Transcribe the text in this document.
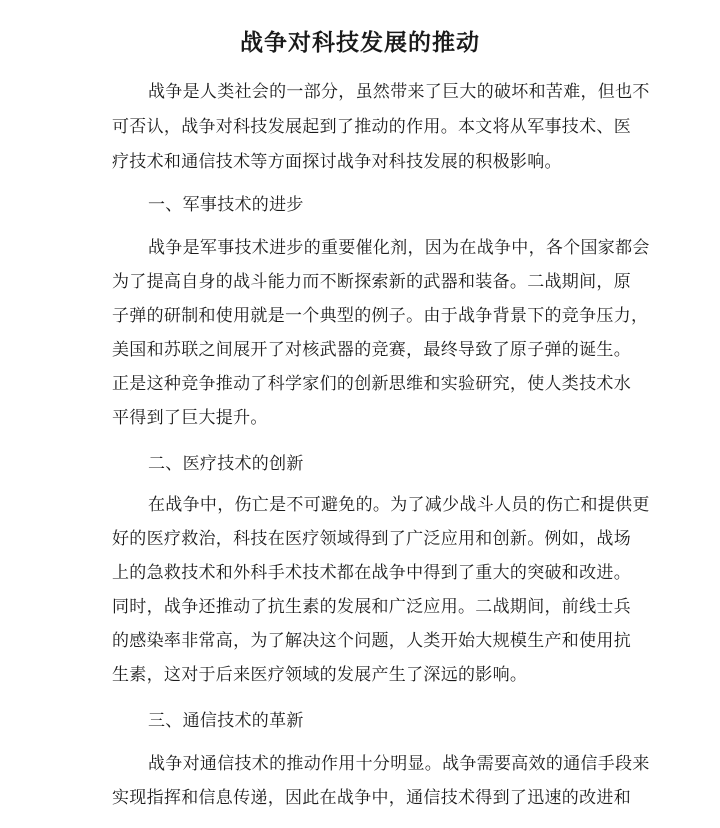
战争对科技发展的推动
战争是人类社会的一部分，虽然带来了巨大的破坏和苦难，但也不
可否认，战争对科技发展起到了推动的作用。本文将从军事技术、医
疗技术和通信技术等方面探讨战争对科技发展的积极影响。
一、军事技术的进步
战争是军事技术进步的重要催化剂，因为在战争中，各个国家都会
为了提高自身的战斗能力而不断探索新的武器和装备。二战期间，原
子弹的研制和使用就是一个典型的例子。由于战争背景下的竞争压力，
美国和苏联之间展开了对核武器的竞赛，最终导致了原子弹的诞生。
正是这种竞争推动了科学家们的创新思维和实验研究，使人类技术水
平得到了巨大提升。
二、医疗技术的创新
在战争中，伤亡是不可避免的。为了减少战斗人员的伤亡和提供更
好的医疗救治，科技在医疗领域得到了广泛应用和创新。例如，战场
上的急救技术和外科手术技术都在战争中得到了重大的突破和改进。
同时，战争还推动了抗生素的发展和广泛应用。二战期间，前线士兵
的感染率非常高，为了解决这个问题，人类开始大规模生产和使用抗
生素，这对于后来医疗领域的发展产生了深远的影响。
三、通信技术的革新
战争对通信技术的推动作用十分明显。战争需要高效的通信手段来
实现指挥和信息传递，因此在战争中，通信技术得到了迅速的改进和
